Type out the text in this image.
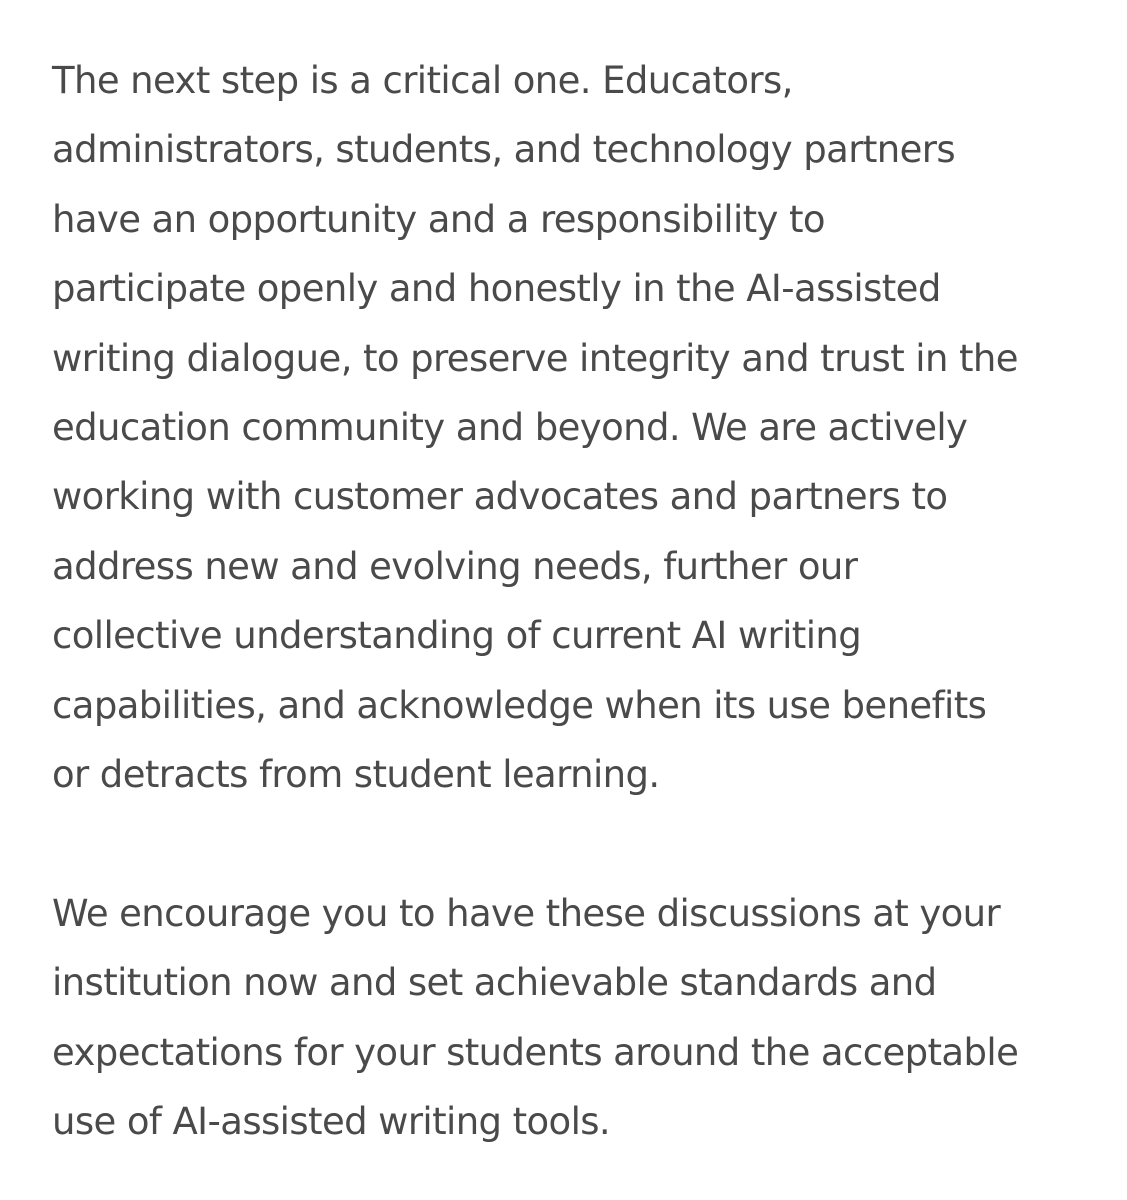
The next step is a critical one. Educators,
administrators, students, and technology partners
have an opportunity and a responsibility to
participate openly and honestly in the AI-assisted
writing dialogue, to preserve integrity and trust in the
education community and beyond. We are actively
working with customer advocates and partners to
address new and evolving needs, further our
collective understanding of current AI writing
capabilities, and acknowledge when its use benefits
or detracts from student learning.
We encourage you to have these discussions at your
institution now and set achievable standards and
expectations for your students around the acceptable
use of AI-assisted writing tools.
